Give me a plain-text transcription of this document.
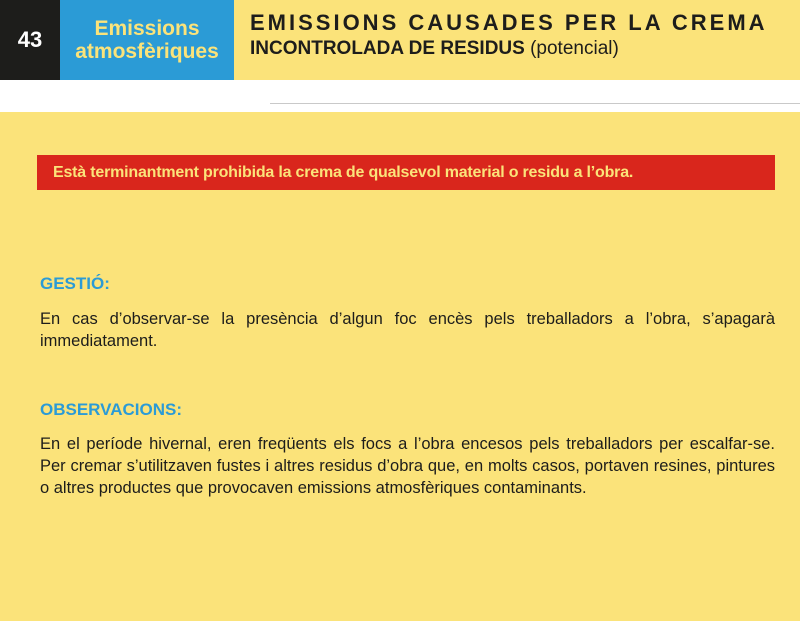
43	Emissions
atmosfèriques
EMISSIONS CAUSADES PER LA CREMA
INCONTROLADA DE RESIDUS (potencial)
Està terminantment prohibida la crema de qualsevol material o residu a l’obra.
GESTIÓ:
En cas d’observar-se la presència d’algun foc encès pels treballadors a l’obra, s’apagarà immediatament.
OBSERVACIONS:
En el període hivernal, eren freqüents els focs a l’obra encesos pels treballadors per escalfar-se. Per cremar s’utilitzaven fustes i altres residus d’obra que, en molts casos, portaven resines, pintures o altres productes que provocaven emissions atmosfèriques contaminants.
